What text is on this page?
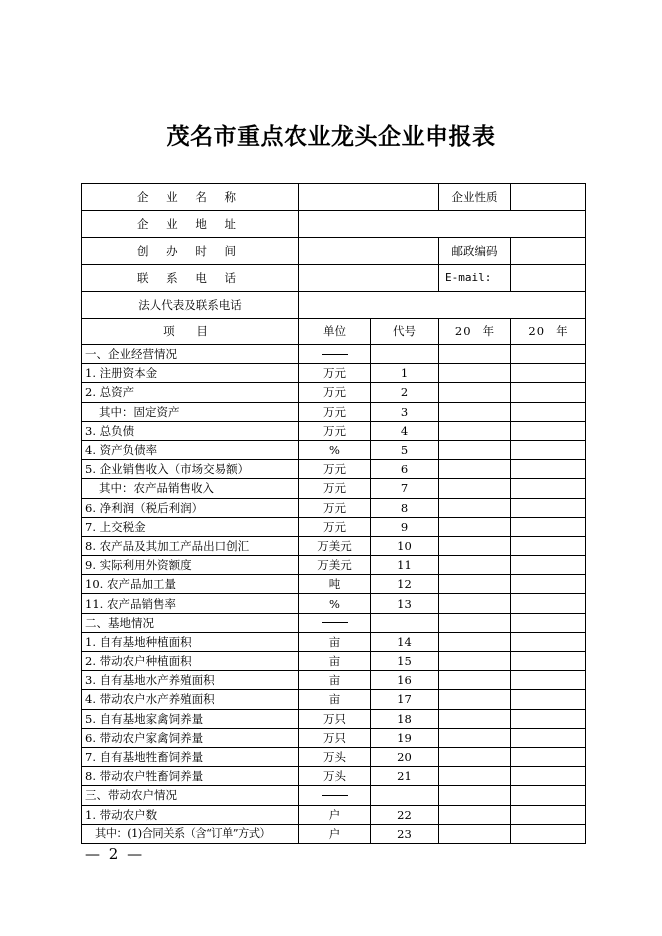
茂名市重点农业龙头企业申报表
企 业 名 称			企业性质	
企 业 地 址				
创 办 时 间			邮政编码	
联 系 电 话			E-mail:	
法人代表及联系电话				
项 目	单位	代号	20 年	20 年
一、企业经营情况				
1. 注册资本金	万元	1		
2. 总资产	万元	2		
其中：固定资产	万元	3		
3. 总负债	万元	4		
4. 资产负债率	%	5		
5. 企业销售收入（市场交易额）	万元	6		
其中：农产品销售收入	万元	7		
6. 净利润（税后利润）	万元	8		
7. 上交税金	万元	9		
8. 农产品及其加工产品出口创汇	万美元	10		
9. 实际利用外资额度	万美元	11		
10. 农产品加工量	吨	12		
11. 农产品销售率	%	13		
二、基地情况				
1. 自有基地种植面积	亩	14		
2. 带动农户种植面积	亩	15		
3. 自有基地水产养殖面积	亩	16		
4. 带动农户水产养殖面积	亩	17		
5. 自有基地家禽饲养量	万只	18		
6. 带动农户家禽饲养量	万只	19		
7. 自有基地牲畜饲养量	万头	20		
8. 带动农户牲畜饲养量	万头	21		
三、带动农户情况				
1. 带动农户数	户	22		
其中：(1)合同关系（含“订单”方式）	户	23		
— 2 —
